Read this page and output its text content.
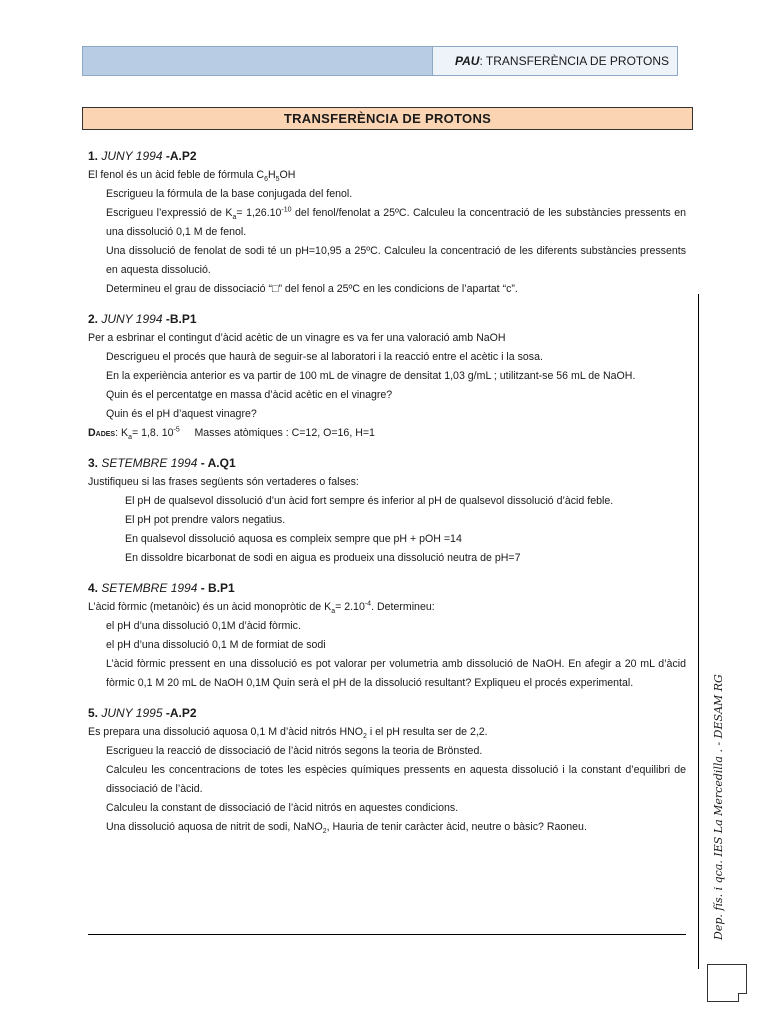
PAU: TRANSFERÈNCIA DE PROTONS
TRANSFERÈNCIA DE PROTONS
1. JUNY 1994 -A.P2
El fenol és un àcid feble de fórmula $C_6H_5OH$
Escrigueu la fórmula de la base conjugada del fenol.
Escrigueu l’expressió de $K_a= 1,26.10^{-10}$ del fenol/fenolat a 25ºC. Calculeu la concentració de les substàncies pressents en una dissolució 0,1 M de fenol.
Una dissolució de fenolat de sodi té un pH=10,95 a 25ºC. Calculeu la concentració de les diferents substàncies pressents en aquesta dissolució.
Determineu el grau de dissociació “□” del fenol a 25ºC en les condicions de l’apartat “c”.
2. JUNY 1994 -B.P1
Per a esbrinar el contingut d’àcid acètic de un vinagre es va fer una valoració amb NaOH
Descrigueu el procés que haurà de seguir-se al laboratori i la reacció entre el acètic i la sosa.
En la experiència anterior es va partir de 100 mL de vinagre de densitat 1,03 g/mL ; utilitzant-se 56 mL de NaOH.
Quin és el percentatge en massa d’àcid acètic en el vinagre?
Quin és el pH d’aquest vinagre?
Dades: $K_a= 1,8$. $10^{-5}$     Masses atòmiques : C=12, O=16, H=1
3. SETEMBRE 1994 - A.Q1
Justifiqueu si las frases següents són vertaderes o falses:
El pH de qualsevol dissolució d’un àcid fort sempre és inferior al pH de qualsevol dissolució d’àcid feble.
El pH pot prendre valors negatius.
En qualsevol dissolució aquosa es compleix sempre que pH + pOH =14
En dissoldre bicarbonat de sodi en aigua es produeix una dissolució neutra de pH=7
4. SETEMBRE 1994 - B.P1
L’àcid fòrmic (metanòic) és un àcid monopròtic de $K_a= 2.10^{-4}$. Determineu:
el pH d’una dissolució 0,1M d’àcid fòrmic.
el pH d’una dissolució 0,1 M de formiat de sodi
L’àcid fòrmic pressent en una dissolució es pot valorar per volumetria amb dissolució de NaOH. En afegir a 20 mL d’àcid fòrmic 0,1 M 20 mL de NaOH 0,1M Quin serà el pH de la dissolució resultant? Expliqueu el procés experimental.
5. JUNY 1995 -A.P2
Es prepara una dissolució aquosa 0,1 M d’àcid nitrós $HNO_2$ i el pH resulta ser de 2,2.
Escrigueu la reacció de dissociació de l’àcid nitrós segons la teoria de Brönsted.
Calculeu les concentracions de totes les espècies químiques pressents en aquesta dissolució i la constant d’equilibri de dissociació de l’àcid.
Calculeu la constant de dissociació de l’àcid nitrós en aquestes condicions.
Una dissolució aquosa de nitrit de sodi, NaNO$_2$, Hauria de tenir caràcter àcid, neutre o bàsic? Raoneu.	Dep. fís. i qca. IES La Mercedilla . - DESAM RG
